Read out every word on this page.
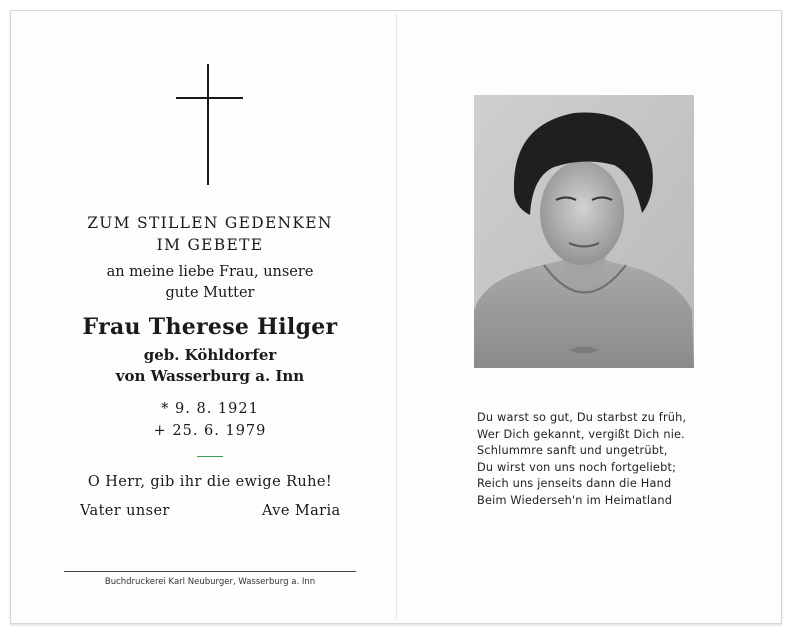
ZUM STILLEN GEDENKEN
IM GEBETE
an meine liebe Frau, unsere
gute Mutter
Frau Therese Hilger
geb. Köhldorfer
von Wasserburg a. Inn
* 9. 8. 1921
+ 25. 6. 1979
O Herr, gib ihr die ewige Ruhe!
Vater unser	Ave Maria
Buchdruckerei Karl Neuburger, Wasserburg a. Inn
Du warst so gut, Du starbst zu früh,
Wer Dich gekannt, vergißt Dich nie.
Schlummre sanft und ungetrübt,
Du wirst von uns noch fortgeliebt;
Reich uns jenseits dann die Hand
Beim Wiederseh'n im Heimatland
